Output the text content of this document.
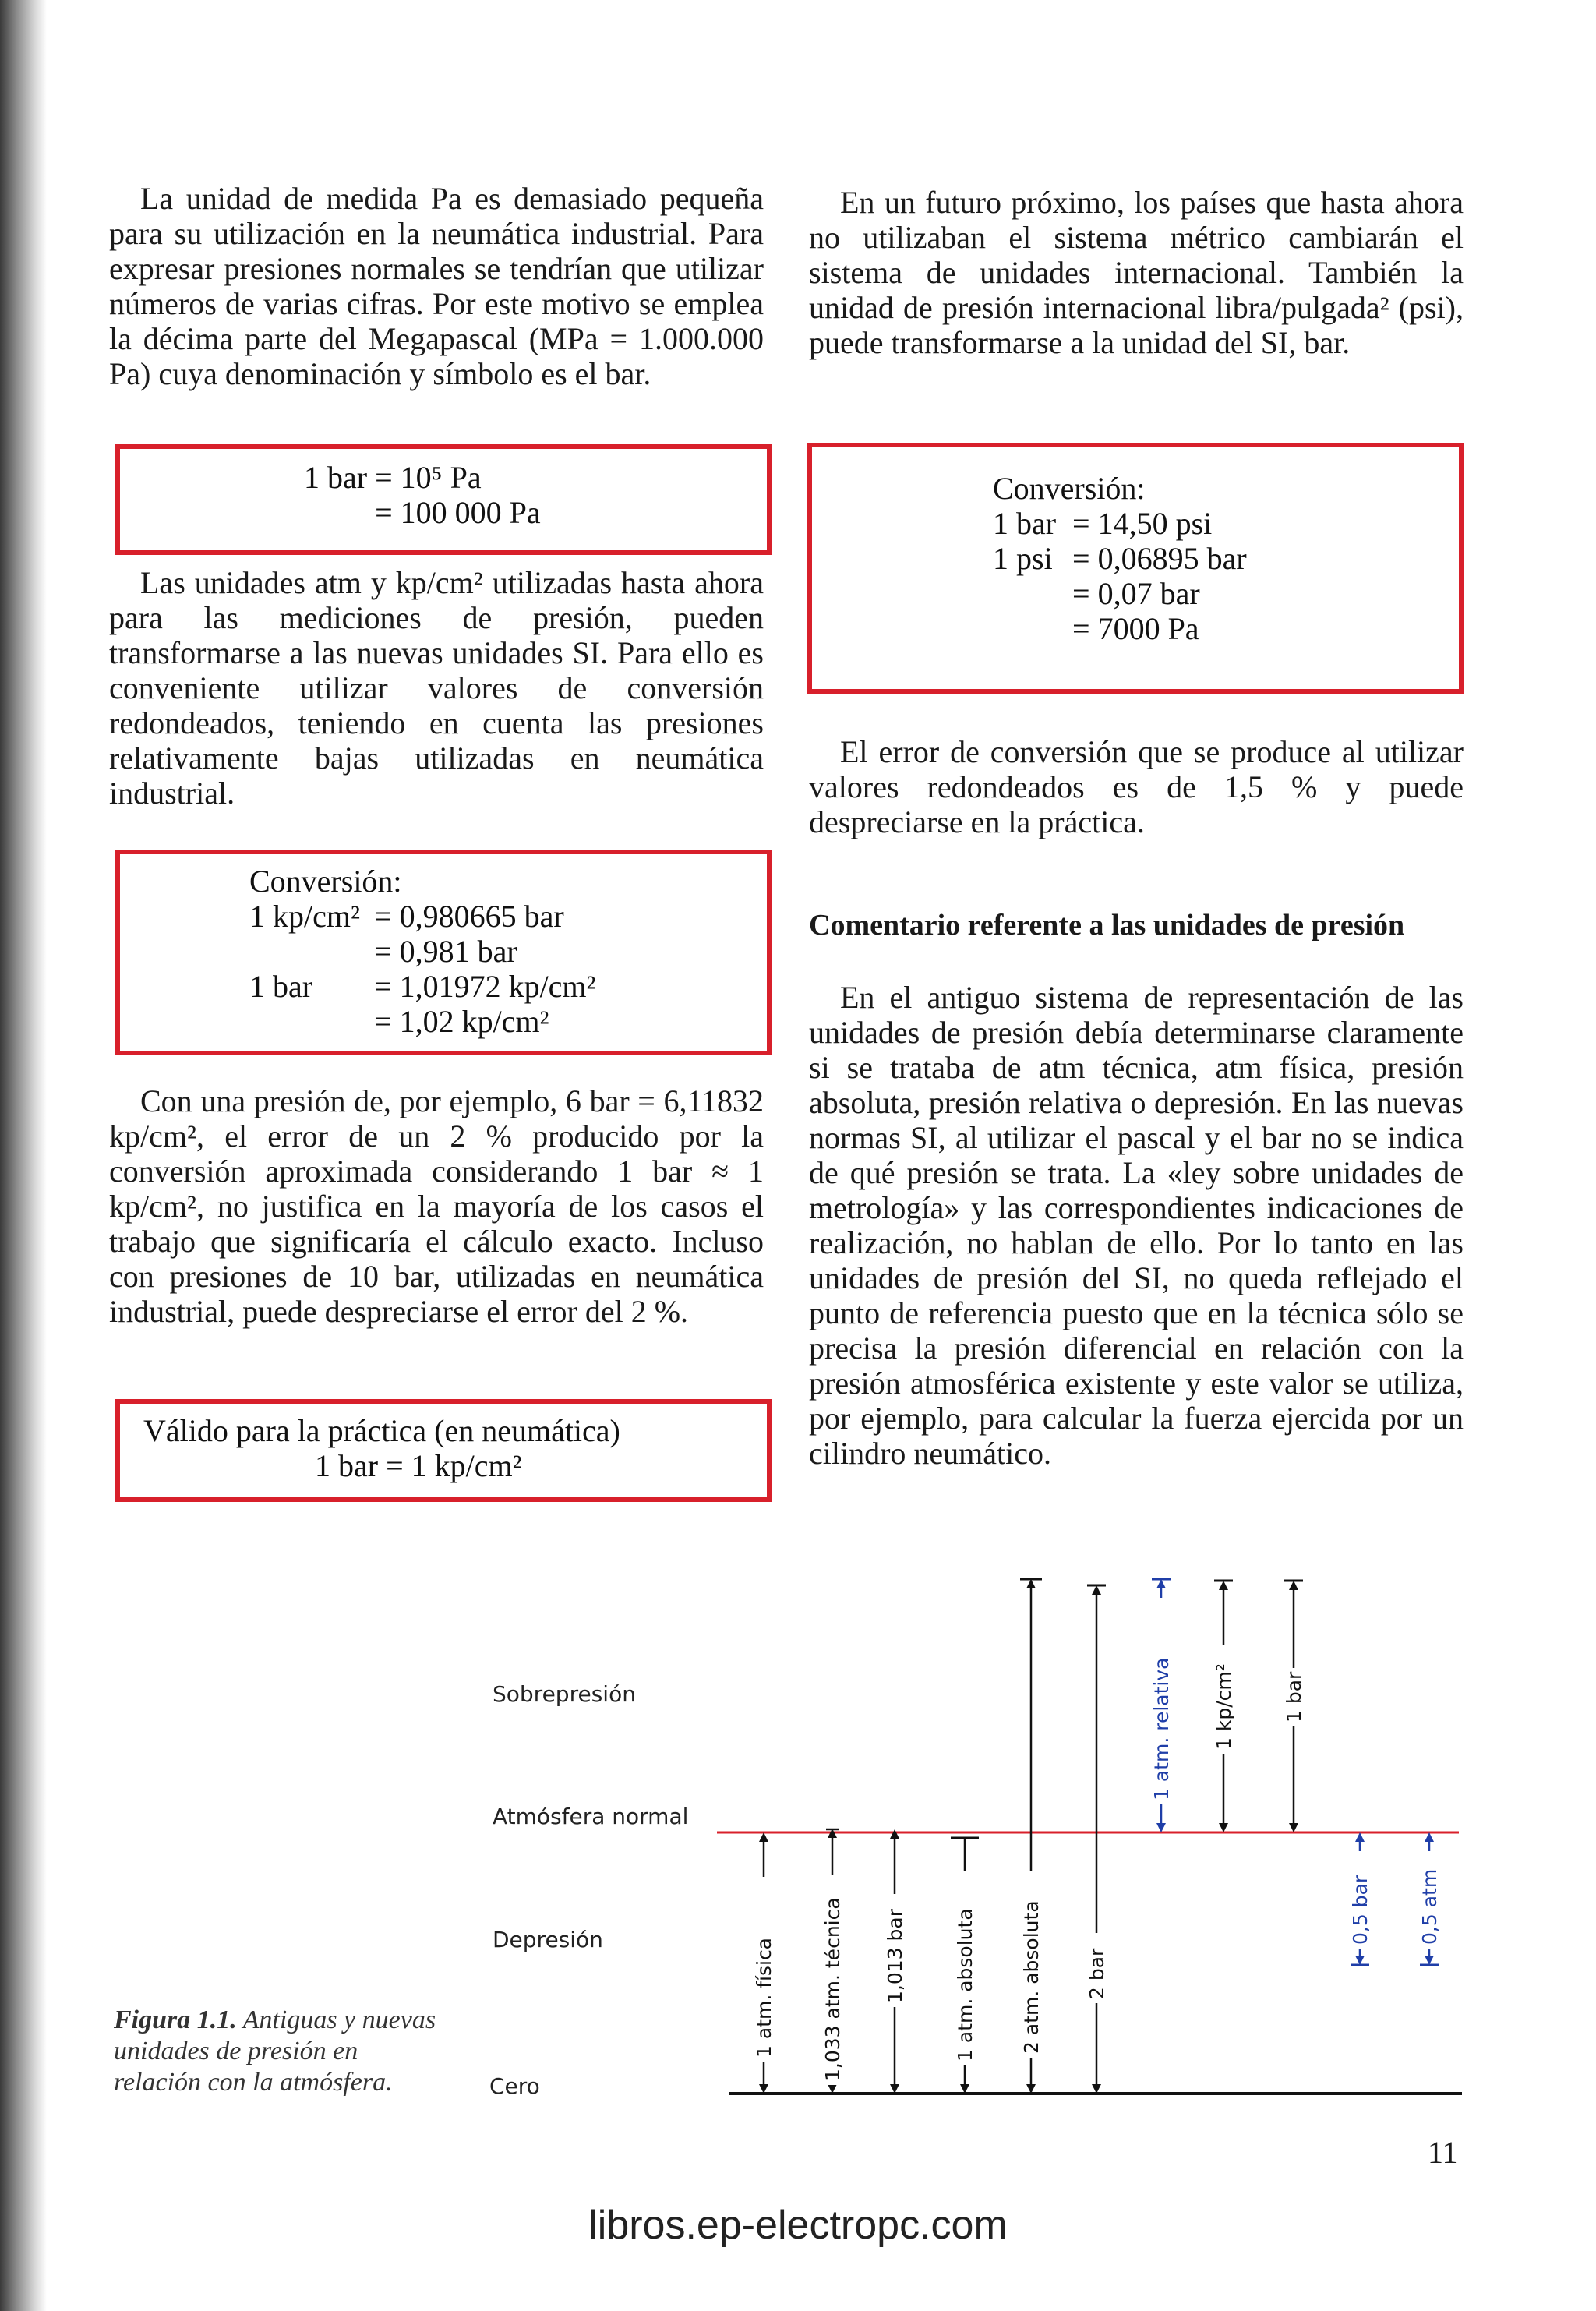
La unidad de medida Pa es demasiado pequeña para su utilización en la neumática industrial. Para expresar presiones normales se tendrían que utilizar números de varias cifras. Por este motivo se emplea la décima parte del Megapascal (MPa = 1.000.000 Pa) cuya denominación y símbolo es el bar.

1 bar	=	10⁵ Pa
	=	100 000 Pa

Las unidades atm y kp/cm² utilizadas hasta ahora para las mediciones de presión, pueden transformarse a las nuevas unidades SI. Para ello es conveniente utilizar valores de conversión redondeados, teniendo en cuenta las presiones relativamente bajas utilizadas en neumática industrial.

Conversión:
1 kp/cm²	=	0,980665 bar
	=	0,981 bar
1 bar	=	1,01972 kp/cm²
	=	1,02 kp/cm²

Con una presión de, por ejemplo, 6 bar = 6,11832 kp/cm², el error de un 2 % producido por la conversión aproximada considerando 1 bar ≈ 1 kp/cm², no justifica en la mayoría de los casos el trabajo que significaría el cálculo exacto. Incluso con presiones de 10 bar, utilizadas en neumática industrial, puede despreciarse el error del 2 %.

Válido para la práctica (en neumática)
1 bar = 1 kp/cm²

En un futuro próximo, los países que hasta ahora no utilizaban el sistema métrico cambiarán el sistema de unidades internacional. También la unidad de presión internacional libra/pulgada² (psi), puede transformarse a la unidad del SI, bar.

Conversión:
1 bar	=	14,50 psi
1 psi	=	0,06895 bar
	=	0,07 bar
	=	7000 Pa

El error de conversión que se produce al utilizar valores redondeados es de 1,5 % y puede despreciarse en la práctica.

Comentario referente a las unidades de presión

En el antiguo sistema de representación de las unidades de presión debía determinarse claramente si se trataba de atm técnica, atm física, presión absoluta, presión relativa o depresión. En las nuevas normas SI, al utilizar el pascal y el bar no se indica de qué presión se trata. La «ley sobre unidades de metrología» y las correspondientes indicaciones de realización, no hablan de ello. Por lo tanto en las unidades de presión del SI, no queda reflejado el punto de referencia puesto que en la técnica sólo se precisa la presión diferencial en relación con la presión atmosférica existente y este valor se utiliza, por ejemplo, para calcular la fuerza ejercida por un cilindro neumático.

Sobrepresión
Atmósfera normal
Depresión
Cero
1 atm. física 1,033 atm. técnica 1,013 bar 1 atm. absoluta 2 atm. absoluta 2 bar
1 atm. relativa 1 kp/cm² 1 bar
0,5 bar 0,5 atm
Figura 1.1. Antiguas y nuevas unidades de presión en relación con la atmósfera.
11
libros.ep-electropc.com
